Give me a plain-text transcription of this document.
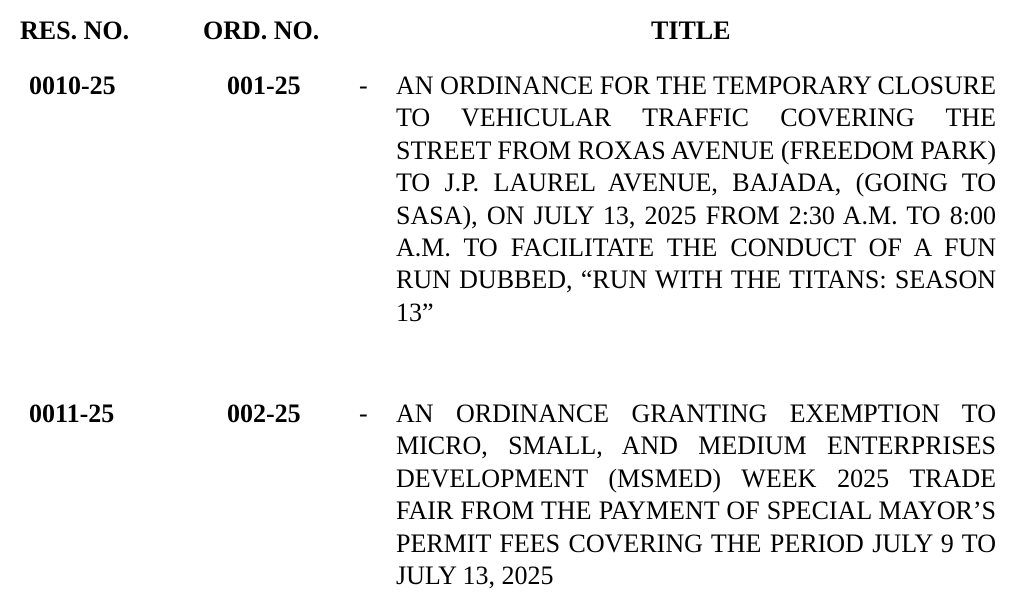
RES. NO.	ORD. NO.	TITLE
0010-25	001-25 - AN ORDINANCE FOR THE TEMPORARY CLOSURE TO VEHICULAR TRAFFIC COVERING THE STREET FROM ROXAS AVENUE (FREEDOM PARK) TO J.P. LAUREL AVENUE, BAJADA, (GOING TO SASA), ON JULY 13, 2025 FROM 2:30 A.M. TO 8:00 A.M. TO FACILITATE THE CONDUCT OF A FUN RUN DUBBED, “RUN WITH THE TITANS: SEASON 13”
0011-25	002-25 - AN ORDINANCE GRANTING EXEMPTION TO MICRO, SMALL, AND MEDIUM ENTERPRISES DEVELOPMENT (MSMED) WEEK 2025 TRADE FAIR FROM THE PAYMENT OF SPECIAL MAYOR’S PERMIT FEES COVERING THE PERIOD JULY 9 TO JULY 13, 2025
